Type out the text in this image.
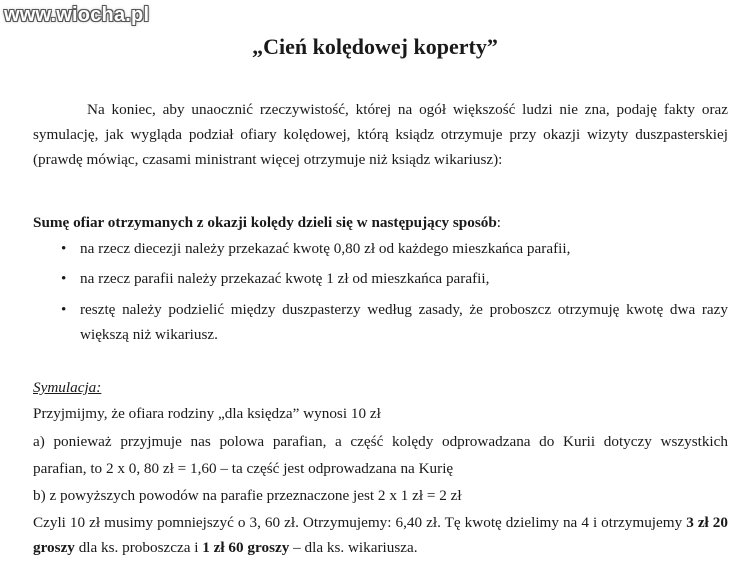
www.wiocha.pl
„Cień kolędowej koperty”
Na koniec, aby unaocznić rzeczywistość, której na ogół większość ludzi nie zna, podaję fakty oraz symulację, jak wygląda podział ofiary kolędowej, którą ksiądz otrzymuje przy okazji wizyty duszpasterskiej (prawdę mówiąc, czasami ministrant więcej otrzymuje niż ksiądz wikariusz):
Sumę ofiar otrzymanych z okazji kolędy dzieli się w następujący sposób:
• na rzecz diecezji należy przekazać kwotę 0,80 zł od każdego mieszkańca parafii,
• na rzecz parafii należy przekazać kwotę 1 zł od mieszkańca parafii,
• resztę należy podzielić między duszpasterzy według zasady, że proboszcz otrzymuję kwotę dwa razy większą niż wikariusz.
Symulacja:
Przyjmijmy, że ofiara rodziny „dla księdza” wynosi 10 zł
a) ponieważ przyjmuje nas polowa parafian, a część kolędy odprowadzana do Kurii dotyczy wszystkich
parafian, to 2 x 0, 80 zł = 1,60 – ta część jest odprowadzana na Kurię
b) z powyższych powodów na parafie przeznaczone jest 2 x 1 zł = 2 zł
Czyli 10 zł musimy pomniejszyć o 3, 60 zł. Otrzymujemy: 6,40 zł. Tę kwotę dzielimy na 4 i otrzymujemy 3 zł 20 groszy dla ks. proboszcza i 1 zł 60 groszy – dla ks. wikariusza.
